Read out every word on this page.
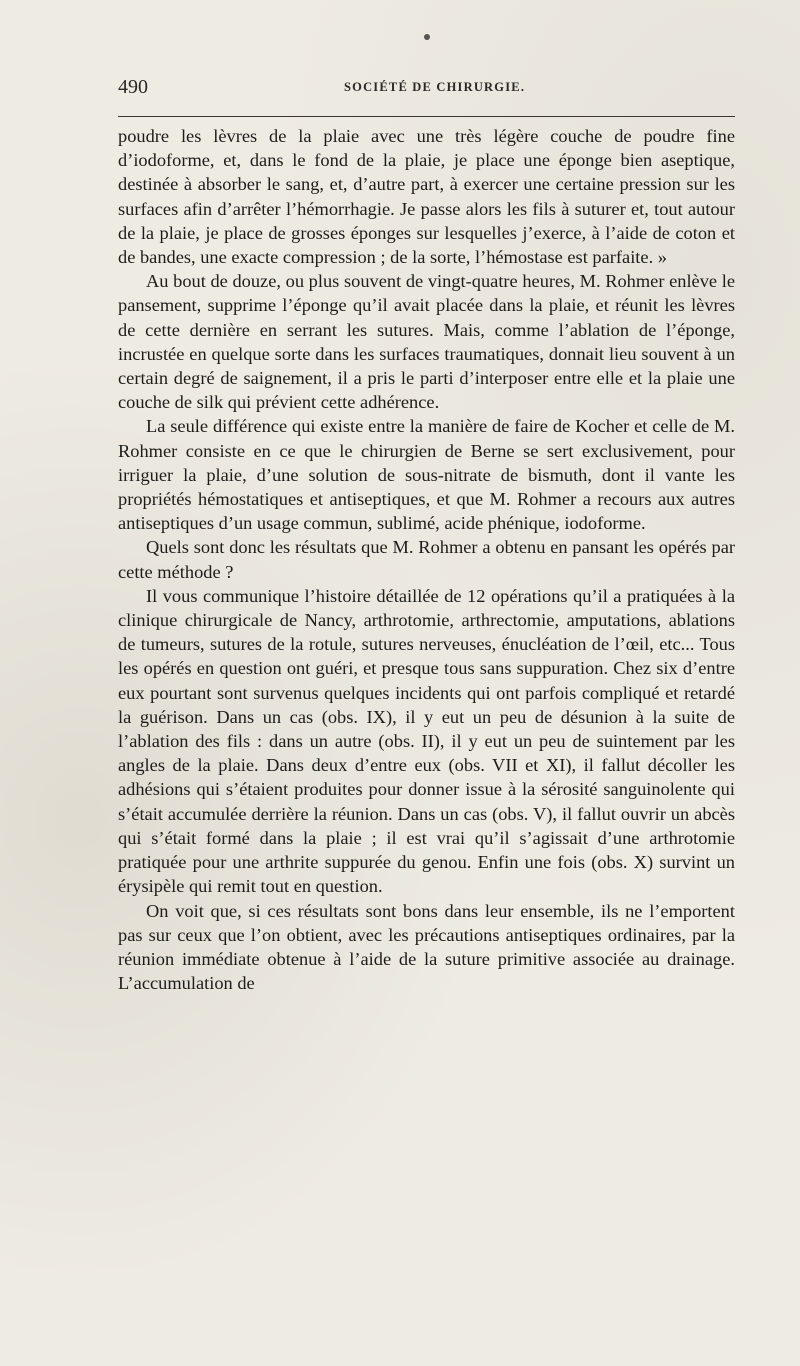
490	SOCIÉTÉ DE CHIRURGIE.

poudre les lèvres de la plaie avec une très légère couche de poudre fine d’iodoforme, et, dans le fond de la plaie, je place une éponge bien aseptique, destinée à absorber le sang, et, d’autre part, à exercer une certaine pression sur les surfaces afin d’arrêter l’hémorrhagie. Je passe alors les fils à suturer et, tout autour de la plaie, je place de grosses éponges sur lesquelles j’exerce, à l’aide de coton et de bandes, une exacte compression ; de la sorte, l’hémostase est parfaite. »

Au bout de douze, ou plus souvent de vingt-quatre heures, M. Rohmer enlève le pansement, supprime l’éponge qu’il avait placée dans la plaie, et réunit les lèvres de cette dernière en serrant les sutures. Mais, comme l’ablation de l’éponge, incrustée en quelque sorte dans les surfaces traumatiques, donnait lieu souvent à un certain degré de saignement, il a pris le parti d’interposer entre elle et la plaie une couche de silk qui prévient cette adhérence.

La seule différence qui existe entre la manière de faire de Kocher et celle de M. Rohmer consiste en ce que le chirurgien de Berne se sert exclusivement, pour irriguer la plaie, d’une solution de sous-nitrate de bismuth, dont il vante les propriétés hémostatiques et antiseptiques, et que M. Rohmer a recours aux autres antiseptiques d’un usage commun, sublimé, acide phénique, iodoforme.

Quels sont donc les résultats que M. Rohmer a obtenu en pansant les opérés par cette méthode ?

Il vous communique l’histoire détaillée de 12 opérations qu’il a pratiquées à la clinique chirurgicale de Nancy, arthrotomie, arthrectomie, amputations, ablations de tumeurs, sutures de la rotule, sutures nerveuses, énucléation de l’œil, etc... Tous les opérés en question ont guéri, et presque tous sans suppuration. Chez six d’entre eux pourtant sont survenus quelques incidents qui ont parfois compliqué et retardé la guérison. Dans un cas (obs. IX), il y eut un peu de désunion à la suite de l’ablation des fils : dans un autre (obs. II), il y eut un peu de suintement par les angles de la plaie. Dans deux d’entre eux (obs. VII et XI), il fallut décoller les adhésions qui s’étaient produites pour donner issue à la sérosité sanguinolente qui s’était accumulée derrière la réunion. Dans un cas (obs. V), il fallut ouvrir un abcès qui s’était formé dans la plaie ; il est vrai qu’il s’agissait d’une arthrotomie pratiquée pour une arthrite suppurée du genou. Enfin une fois (obs. X) survint un érysipèle qui remit tout en question.

On voit que, si ces résultats sont bons dans leur ensemble, ils ne l’emportent pas sur ceux que l’on obtient, avec les précautions antiseptiques ordinaires, par la réunion immédiate obtenue à l’aide de la suture primitive associée au drainage. L’accumulation de
